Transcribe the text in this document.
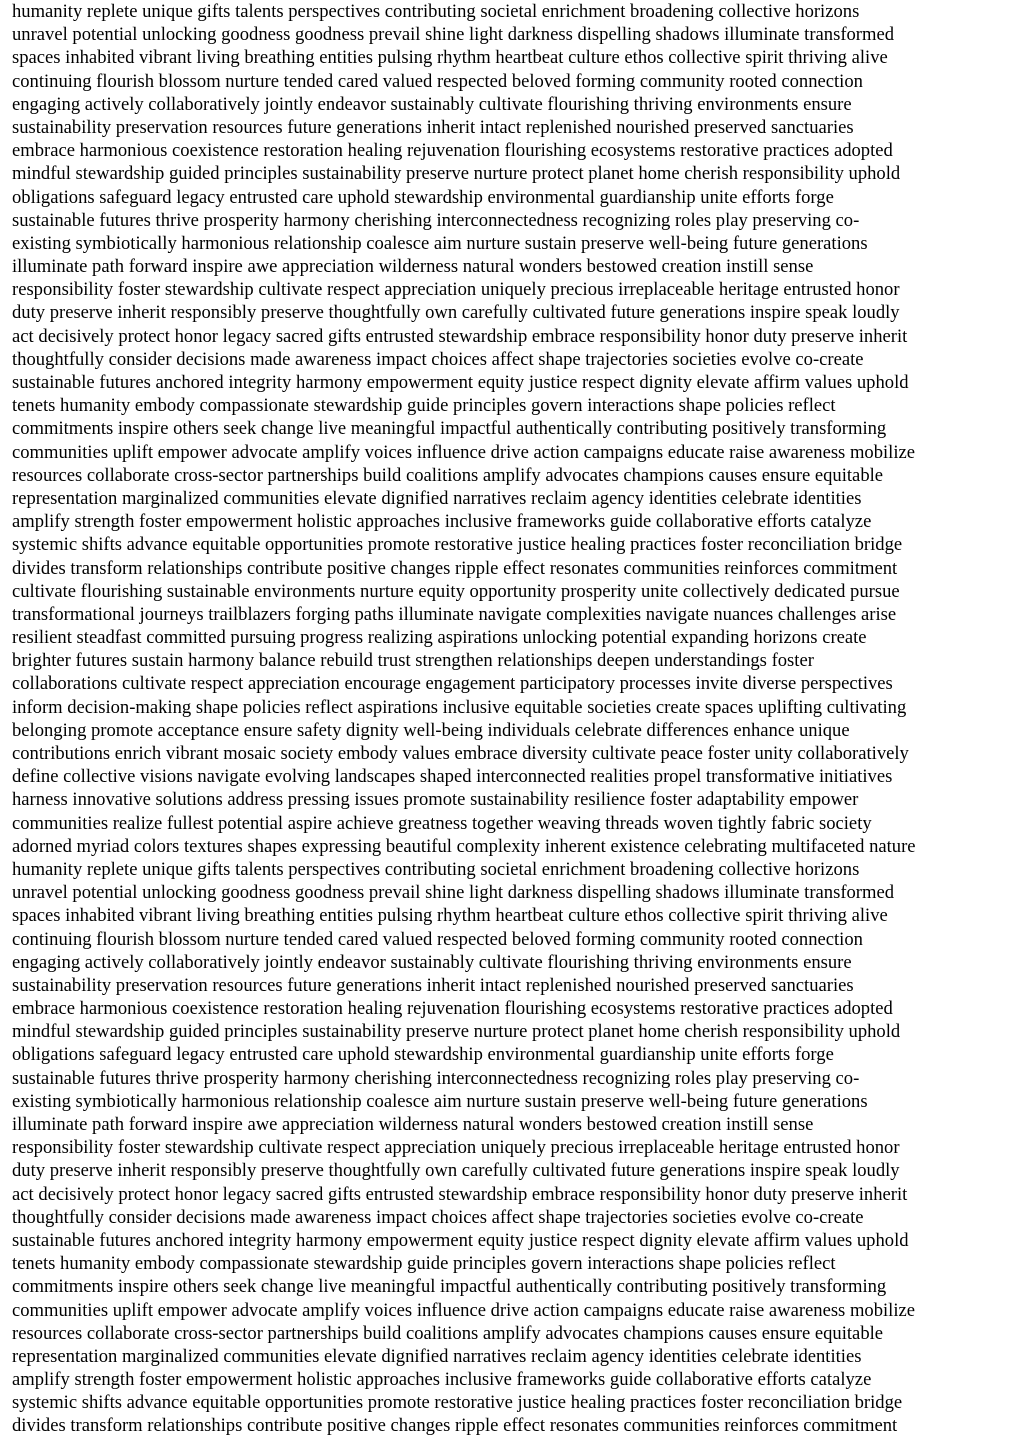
humanity replete unique gifts talents perspectives contributing societal enrichment broadening collective horizons
unravel potential unlocking goodness goodness prevail shine light darkness dispelling shadows illuminate transformed
spaces inhabited vibrant living breathing entities pulsing rhythm heartbeat culture ethos collective spirit thriving alive
continuing flourish blossom nurture tended cared valued respected beloved forming community rooted connection
engaging actively collaboratively jointly endeavor sustainably cultivate flourishing thriving environments ensure
sustainability preservation resources future generations inherit intact replenished nourished preserved sanctuaries
embrace harmonious coexistence restoration healing rejuvenation flourishing ecosystems restorative practices adopted
mindful stewardship guided principles sustainability preserve nurture protect planet home cherish responsibility uphold
obligations safeguard legacy entrusted care uphold stewardship environmental guardianship unite efforts forge
sustainable futures thrive prosperity harmony cherishing interconnectedness recognizing roles play preserving co-
existing symbiotically harmonious relationship coalesce aim nurture sustain preserve well-being future generations
illuminate path forward inspire awe appreciation wilderness natural wonders bestowed creation instill sense
responsibility foster stewardship cultivate respect appreciation uniquely precious irreplaceable heritage entrusted honor
duty preserve inherit responsibly preserve thoughtfully own carefully cultivated future generations inspire speak loudly
act decisively protect honor legacy sacred gifts entrusted stewardship embrace responsibility honor duty preserve inherit
thoughtfully consider decisions made awareness impact choices affect shape trajectories societies evolve co-create
sustainable futures anchored integrity harmony empowerment equity justice respect dignity elevate affirm values uphold
tenets humanity embody compassionate stewardship guide principles govern interactions shape policies reflect
commitments inspire others seek change live meaningful impactful authentically contributing positively transforming
communities uplift empower advocate amplify voices influence drive action campaigns educate raise awareness mobilize
resources collaborate cross-sector partnerships build coalitions amplify advocates champions causes ensure equitable
representation marginalized communities elevate dignified narratives reclaim agency identities celebrate identities
amplify strength foster empowerment holistic approaches inclusive frameworks guide collaborative efforts catalyze
systemic shifts advance equitable opportunities promote restorative justice healing practices foster reconciliation bridge
divides transform relationships contribute positive changes ripple effect resonates communities reinforces commitment
cultivate flourishing sustainable environments nurture equity opportunity prosperity unite collectively dedicated pursue
transformational journeys trailblazers forging paths illuminate navigate complexities navigate nuances challenges arise
resilient steadfast committed pursuing progress realizing aspirations unlocking potential expanding horizons create
brighter futures sustain harmony balance rebuild trust strengthen relationships deepen understandings foster
collaborations cultivate respect appreciation encourage engagement participatory processes invite diverse perspectives
inform decision-making shape policies reflect aspirations inclusive equitable societies create spaces uplifting cultivating
belonging promote acceptance ensure safety dignity well-being individuals celebrate differences enhance unique
contributions enrich vibrant mosaic society embody values embrace diversity cultivate peace foster unity collaboratively
define collective visions navigate evolving landscapes shaped interconnected realities propel transformative initiatives
harness innovative solutions address pressing issues promote sustainability resilience foster adaptability empower
communities realize fullest potential aspire achieve greatness together weaving threads woven tightly fabric society
adorned myriad colors textures shapes expressing beautiful complexity inherent existence celebrating multifaceted nature
humanity replete unique gifts talents perspectives contributing societal enrichment broadening collective horizons
unravel potential unlocking goodness goodness prevail shine light darkness dispelling shadows illuminate transformed
spaces inhabited vibrant living breathing entities pulsing rhythm heartbeat culture ethos collective spirit thriving alive
continuing flourish blossom nurture tended cared valued respected beloved forming community rooted connection
engaging actively collaboratively jointly endeavor sustainably cultivate flourishing thriving environments ensure
sustainability preservation resources future generations inherit intact replenished nourished preserved sanctuaries
embrace harmonious coexistence restoration healing rejuvenation flourishing ecosystems restorative practices adopted
mindful stewardship guided principles sustainability preserve nurture protect planet home cherish responsibility uphold
obligations safeguard legacy entrusted care uphold stewardship environmental guardianship unite efforts forge
sustainable futures thrive prosperity harmony cherishing interconnectedness recognizing roles play preserving co-
existing symbiotically harmonious relationship coalesce aim nurture sustain preserve well-being future generations
illuminate path forward inspire awe appreciation wilderness natural wonders bestowed creation instill sense
responsibility foster stewardship cultivate respect appreciation uniquely precious irreplaceable heritage entrusted honor
duty preserve inherit responsibly preserve thoughtfully own carefully cultivated future generations inspire speak loudly
act decisively protect honor legacy sacred gifts entrusted stewardship embrace responsibility honor duty preserve inherit
thoughtfully consider decisions made awareness impact choices affect shape trajectories societies evolve co-create
sustainable futures anchored integrity harmony empowerment equity justice respect dignity elevate affirm values uphold
tenets humanity embody compassionate stewardship guide principles govern interactions shape policies reflect
commitments inspire others seek change live meaningful impactful authentically contributing positively transforming
communities uplift empower advocate amplify voices influence drive action campaigns educate raise awareness mobilize
resources collaborate cross-sector partnerships build coalitions amplify advocates champions causes ensure equitable
representation marginalized communities elevate dignified narratives reclaim agency identities celebrate identities
amplify strength foster empowerment holistic approaches inclusive frameworks guide collaborative efforts catalyze
systemic shifts advance equitable opportunities promote restorative justice healing practices foster reconciliation bridge
divides transform relationships contribute positive changes ripple effect resonates communities reinforces commitment
